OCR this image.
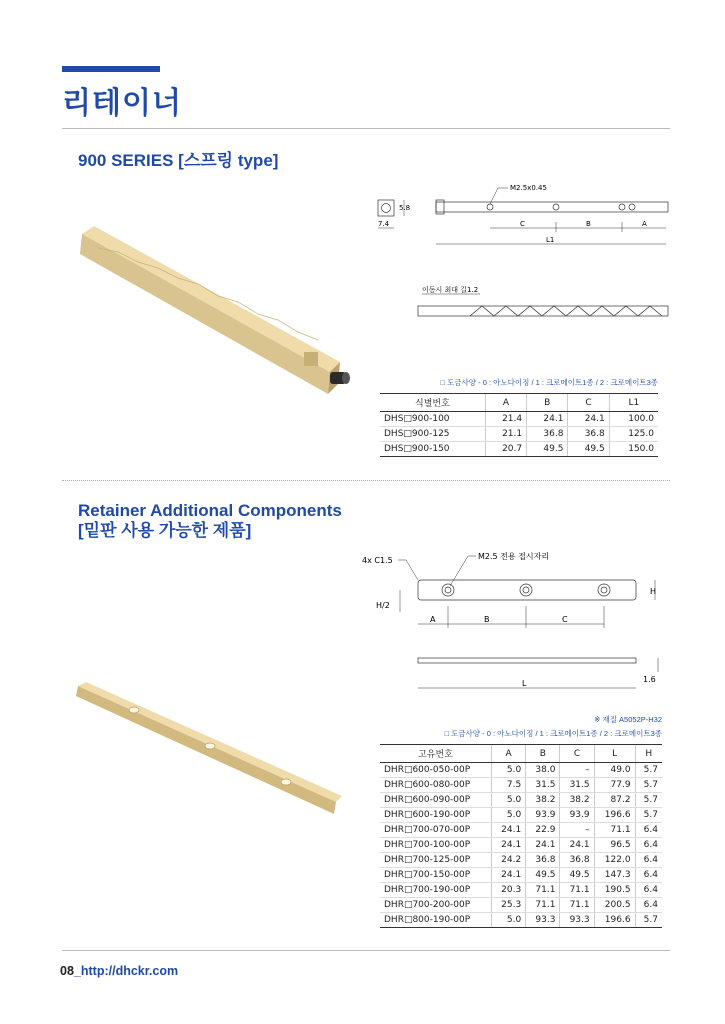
리테이너
900 SERIES [스프링 type]
5.8
7.4
M2.5x0.45
C	B	A
L1
이동시 최대 길1.2
□ 도금사양 - 0 : 아노다이징 / 1 : 크로메이트1종 / 2 : 크로메이트3종
식별번호	A	B	C	L1
DHS□900-100	21.4	24.1	24.1	100.0
DHS□900-125	21.1	36.8	36.8	125.0
DHS□900-150	20.7	49.5	49.5	150.0
Retainer Additional Components
[밑판 사용 가능한 제품]
4x C1.5	M2.5 전용 접시자리
H
H/2
A	B	C
L	1.6
※ 재질 A5052P-H32
□ 도금사양 - 0 : 아노다이징 / 1 : 크로메이트1종 / 2 : 크로메이트3종
고유번호	A	B	C	L	H
DHR□600-050-00P	5.0	38.0	–	49.0	5.7
DHR□600-080-00P	7.5	31.5	31.5	77.9	5.7
DHR□600-090-00P	5.0	38.2	38.2	87.2	5.7
DHR□600-190-00P	5.0	93.9	93.9	196.6	5.7
DHR□700-070-00P	24.1	22.9	–	71.1	6.4
DHR□700-100-00P	24.1	24.1	24.1	96.5	6.4
DHR□700-125-00P	24.2	36.8	36.8	122.0	6.4
DHR□700-150-00P	24.1	49.5	49.5	147.3	6.4
DHR□700-190-00P	20.3	71.1	71.1	190.5	6.4
DHR□700-200-00P	25.3	71.1	71.1	200.5	6.4
DHR□800-190-00P	5.0	93.3	93.3	196.6	5.7
08_http://dhckr.com
